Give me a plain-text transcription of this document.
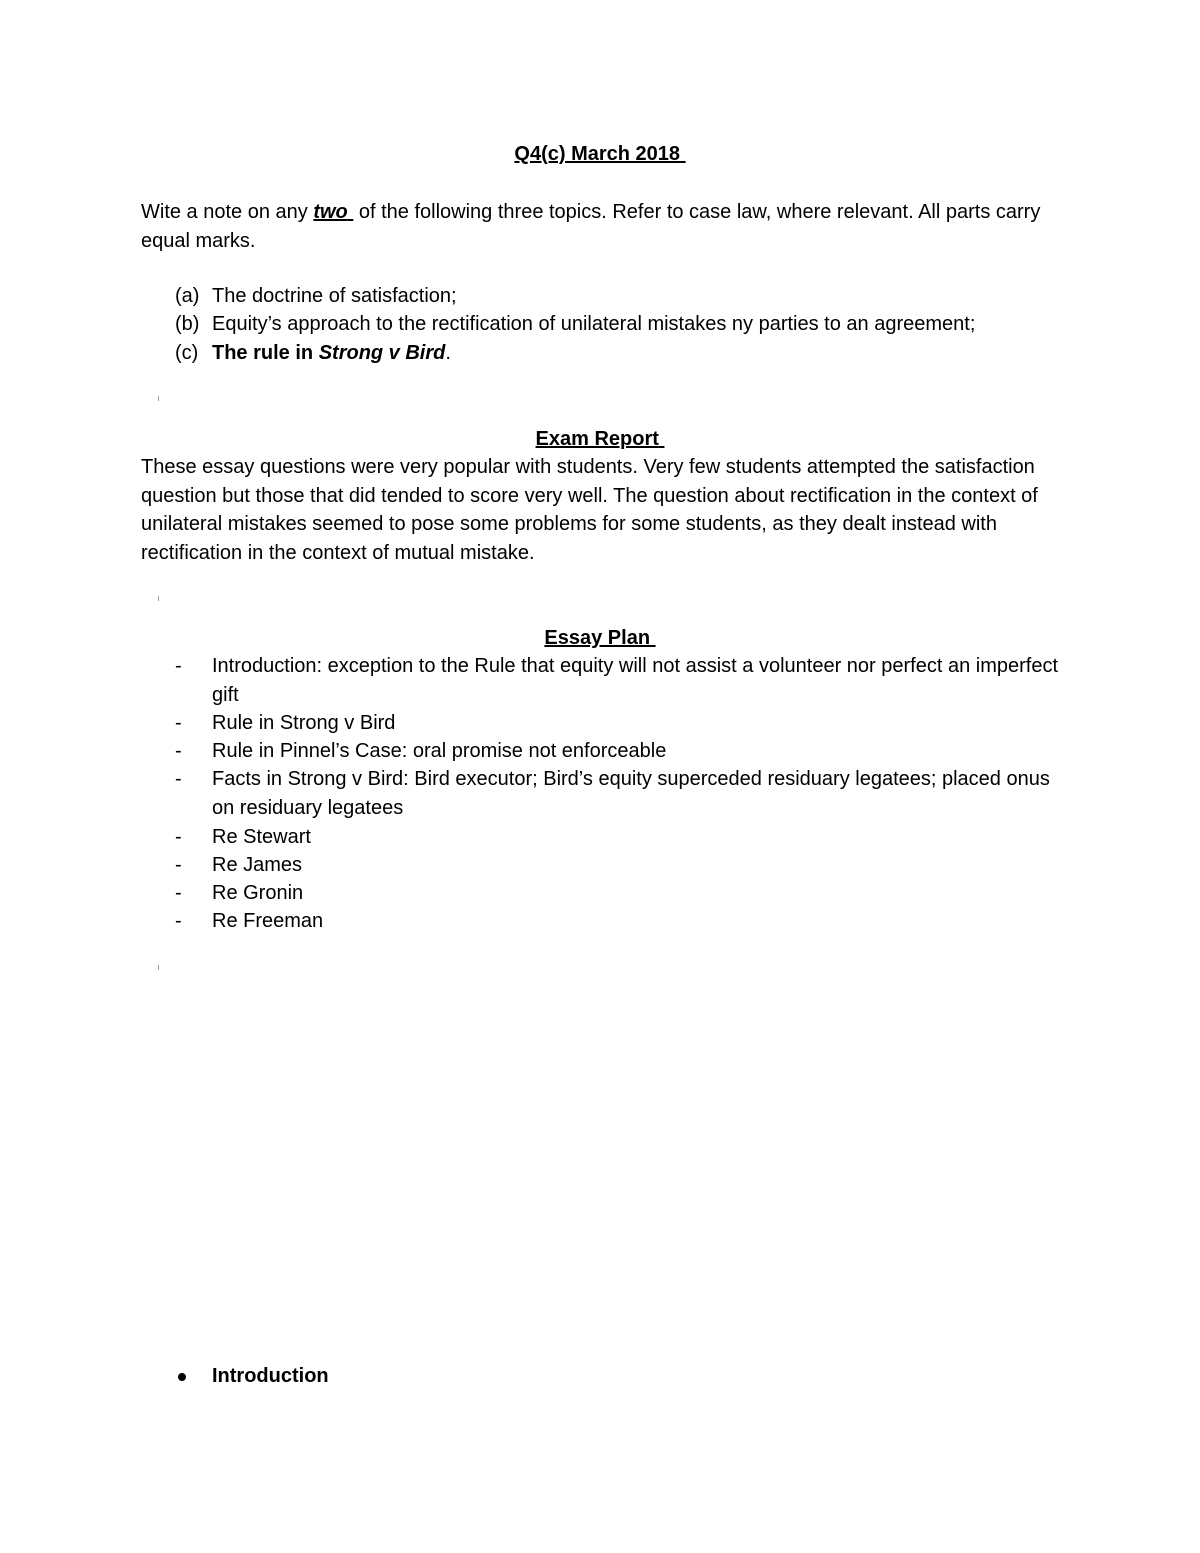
Q4(c) March 2018
Wite a note on any two  of the following three topics. Refer to case law, where relevant. All parts carry equal marks.
(a) The doctrine of satisfaction;
(b) Equity’s approach to the rectification of unilateral mistakes ny parties to an agreement;
(c) The rule in Strong v Bird.
Exam Report
These essay questions were very popular with students. Very few students attempted the satisfaction question but those that did tended to score very well. The question about rectification in the context of unilateral mistakes seemed to pose some problems for some students, as they dealt instead with rectification in the context of mutual mistake.
Essay Plan
- Introduction: exception to the Rule that equity will not assist a volunteer nor perfect an imperfect gift
- Rule in Strong v Bird
- Rule in Pinnel’s Case: oral promise not enforceable
- Facts in Strong v Bird: Bird executor; Bird’s equity superceded residuary legatees; placed onus on residuary legatees
- Re Stewart
- Re James
- Re Gronin
- Re Freeman
Introduction
